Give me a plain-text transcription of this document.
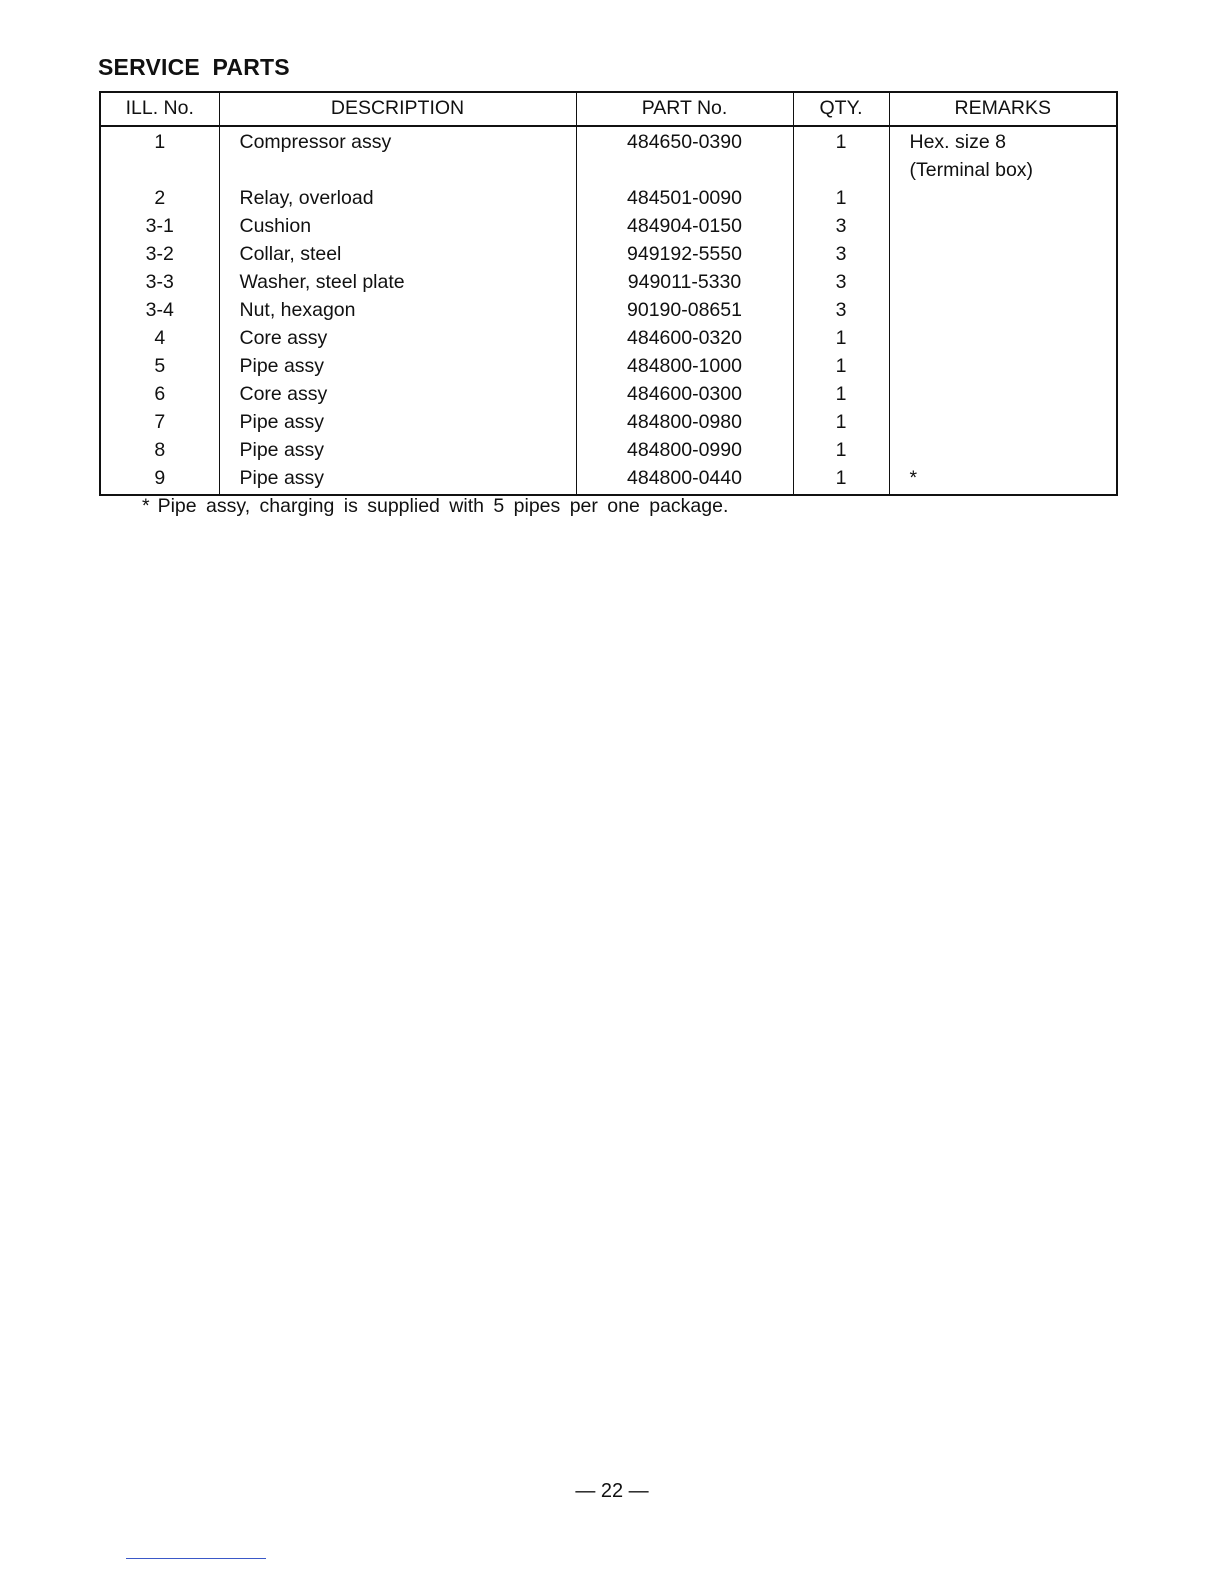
SERVICE PARTS
ILL. No.	DESCRIPTION	PART No.	QTY.	REMARKS
1	Compressor assy	484650-0390	1	Hex. size 8
(Terminal box)

2	Relay, overload	484501-0090	1	
3-1	Cushion	484904-0150	3	
3-2	Collar, steel	949192-5550	3	
3-3	Washer, steel plate	949011-5330	3	
3-4	Nut, hexagon	90190-08651	3	
4	Core assy	484600-0320	1	
5	Pipe assy	484800-1000	1	
6	Core assy	484600-0300	1	
7	Pipe assy	484800-0980	1	
8	Pipe assy	484800-0990	1	
9	Pipe assy	484800-0440	1	*
* Pipe assy, charging is supplied with 5 pipes per one package.
— 22 —
